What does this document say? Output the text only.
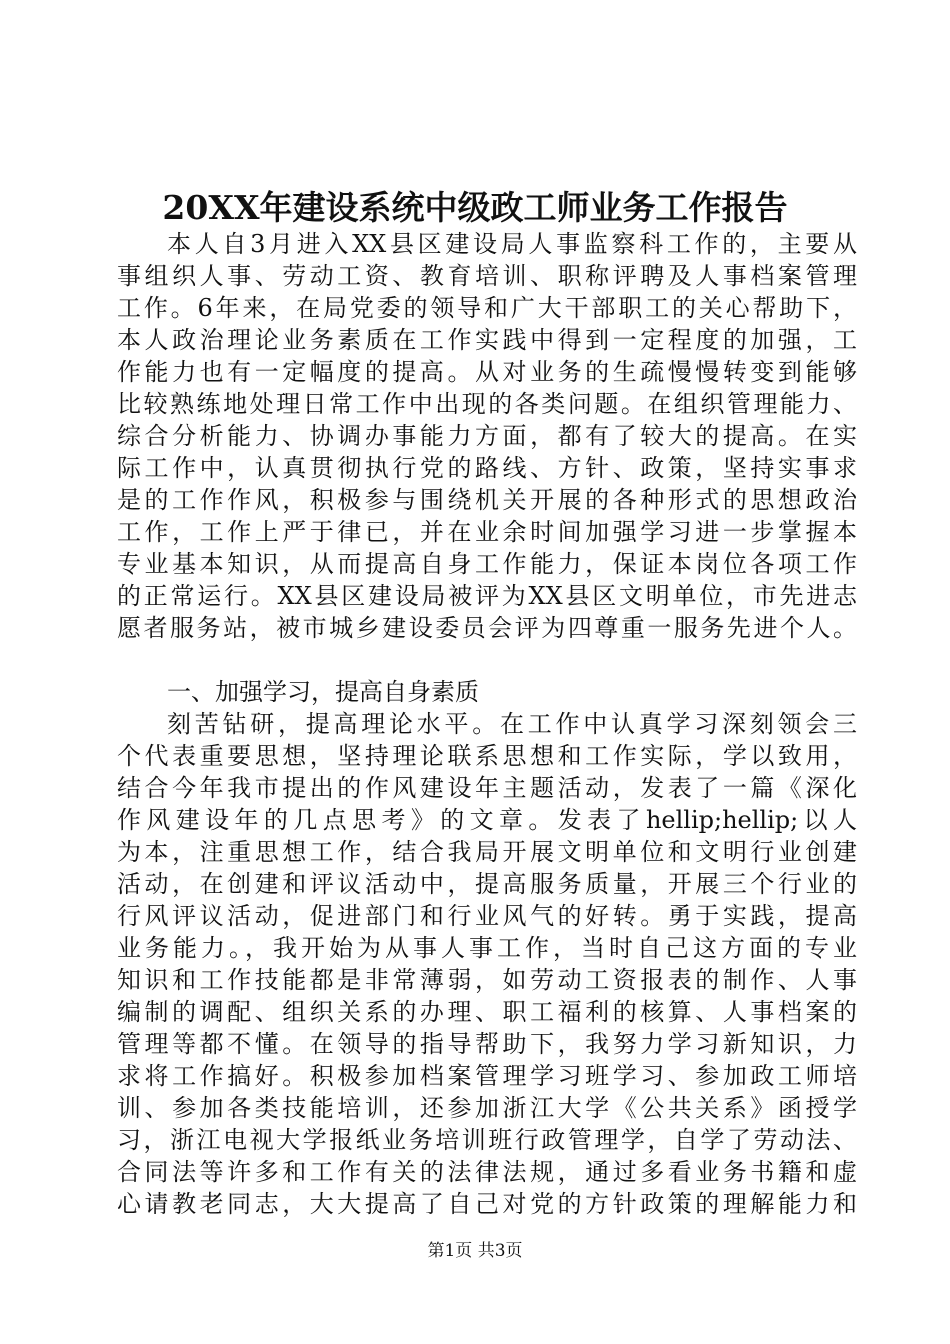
20XX年建设系统中级政工师业务工作报告
本人自3月进入XX县区建设局人事监察科工作的，主要从
事组织人事、劳动工资、教育培训、职称评聘及人事档案管理
工作。6年来，在局党委的领导和广大干部职工的关心帮助下，
本人政治理论业务素质在工作实践中得到一定程度的加强，工
作能力也有一定幅度的提高。从对业务的生疏慢慢转变到能够
比较熟练地处理日常工作中出现的各类问题。在组织管理能力、
综合分析能力、协调办事能力方面，都有了较大的提高。在实
际工作中，认真贯彻执行党的路线、方针、政策，坚持实事求
是的工作作风，积极参与围绕机关开展的各种形式的思想政治
工作，工作上严于律已，并在业余时间加强学习进一步掌握本
专业基本知识，从而提高自身工作能力，保证本岗位各项工作
的正常运行。XX县区建设局被评为XX县区文明单位，市先进志
愿者服务站，被市城乡建设委员会评为四尊重一服务先进个人。
一、加强学习，提高自身素质
刻苦钻研，提高理论水平。在工作中认真学习深刻领会三
个代表重要思想，坚持理论联系思想和工作实际，学以致用，
结合今年我市提出的作风建设年主题活动，发表了一篇《深化
作风建设年的几点思考》的文章。发表了hellip;hellip;以人
为本，注重思想工作，结合我局开展文明单位和文明行业创建
活动，在创建和评议活动中，提高服务质量，开展三个行业的
行风评议活动，促进部门和行业风气的好转。勇于实践，提高
业务能力。，我开始为从事人事工作，当时自己这方面的专业
知识和工作技能都是非常薄弱，如劳动工资报表的制作、人事
编制的调配、组织关系的办理、职工福利的核算、人事档案的
管理等都不懂。在领导的指导帮助下，我努力学习新知识，力
求将工作搞好。积极参加档案管理学习班学习、参加政工师培
训、参加各类技能培训，还参加浙江大学《公共关系》函授学
习，浙江电视大学报纸业务培训班行政管理学，自学了劳动法、
合同法等许多和工作有关的法律法规，通过多看业务书籍和虚
心请教老同志，大大提高了自己对党的方针政策的理解能力和
第1页 共3页
